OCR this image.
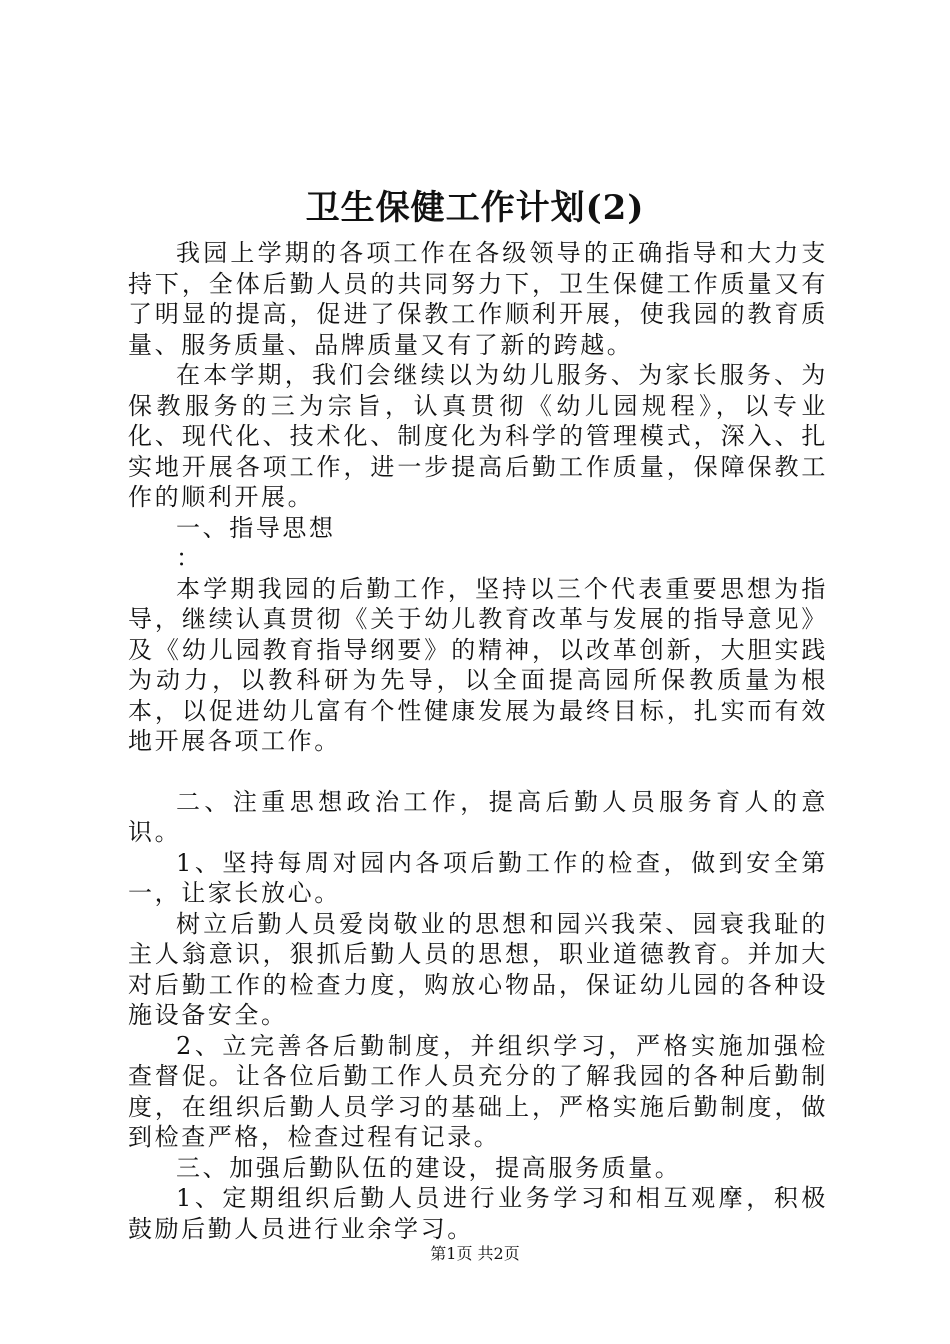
卫生保健工作计划(2)

我园上学期的各项工作在各级领导的正确指导和大力支持下，全体后勤人员的共同努力下，卫生保健工作质量又有了明显的提高，促进了保教工作顺利开展，使我园的教育质量、服务质量、品牌质量又有了新的跨越。

在本学期，我们会继续以为幼儿服务、为家长服务、为保教服务的三为宗旨，认真贯彻《幼儿园规程》，以专业化、现代化、技术化、制度化为科学的管理模式，深入、扎实地开展各项工作，进一步提高后勤工作质量，保障保教工作的顺利开展。

一、指导思想

：

本学期我园的后勤工作，坚持以三个代表重要思想为指导，继续认真贯彻《关于幼儿教育改革与发展的指导意见》及《幼儿园教育指导纲要》的精神，以改革创新，大胆实践为动力，以教科研为先导，以全面提高园所保教质量为根本，以促进幼儿富有个性健康发展为最终目标，扎实而有效地开展各项工作。

二、注重思想政治工作，提高后勤人员服务育人的意识。

1、坚持每周对园内各项后勤工作的检查，做到安全第一，让家长放心。

树立后勤人员爱岗敬业的思想和园兴我荣、园衰我耻的主人翁意识，狠抓后勤人员的思想，职业道德教育。并加大对后勤工作的检查力度，购放心物品，保证幼儿园的各种设施设备安全。

2、立完善各后勤制度，并组织学习，严格实施加强检查督促。让各位后勤工作人员充分的了解我园的各种后勤制度，在组织后勤人员学习的基础上，严格实施后勤制度，做到检查严格，检查过程有记录。

三、加强后勤队伍的建设，提高服务质量。

1、定期组织后勤人员进行业务学习和相互观摩，积极鼓励后勤人员进行业余学习。

第1页 共2页
